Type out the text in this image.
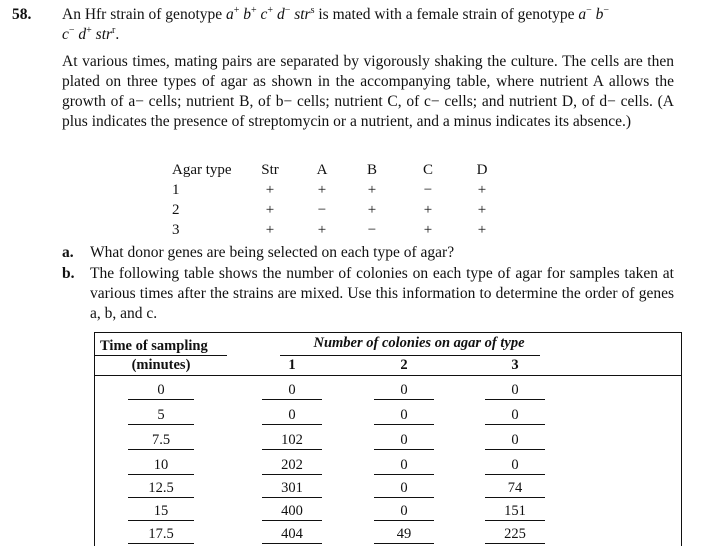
58. An Hfr strain of genotype a+ b+ c+ d− str$^s$ is mated with a female strain of genotype a− b−
c− d+ str$^r$.

At various times, mating pairs are separated by vigorously shaking the culture. The cells are then plated on three types of agar as shown in the accompanying table, where nutrient A allows the growth of a− cells; nutrient B, of b− cells; nutrient C, of c− cells; and nutrient D, of d− cells. (A plus indicates the presence of streptomycin or a nutrient, and a minus indicates its absence.)

Agar type	Str	A	B	C	D
1	+	+	+	−	+
2	+	−	+	+	+
3	+	+	−	+	+
a. What donor genes are being selected on each type of agar?
b. The following table shows the number of colonies on each type of agar for samples taken at various times after the strains are mixed. Use this information to determine the order of genes a, b, and c.
Time of sampling
(minutes)
Number of colonies on agar of type
1	2	3
0	0	0	0
5	0	0	0
7.5	102	0	0
10	202	0	0
12.5	301	0	74
15	400	0	151
17.5	404	49	225
